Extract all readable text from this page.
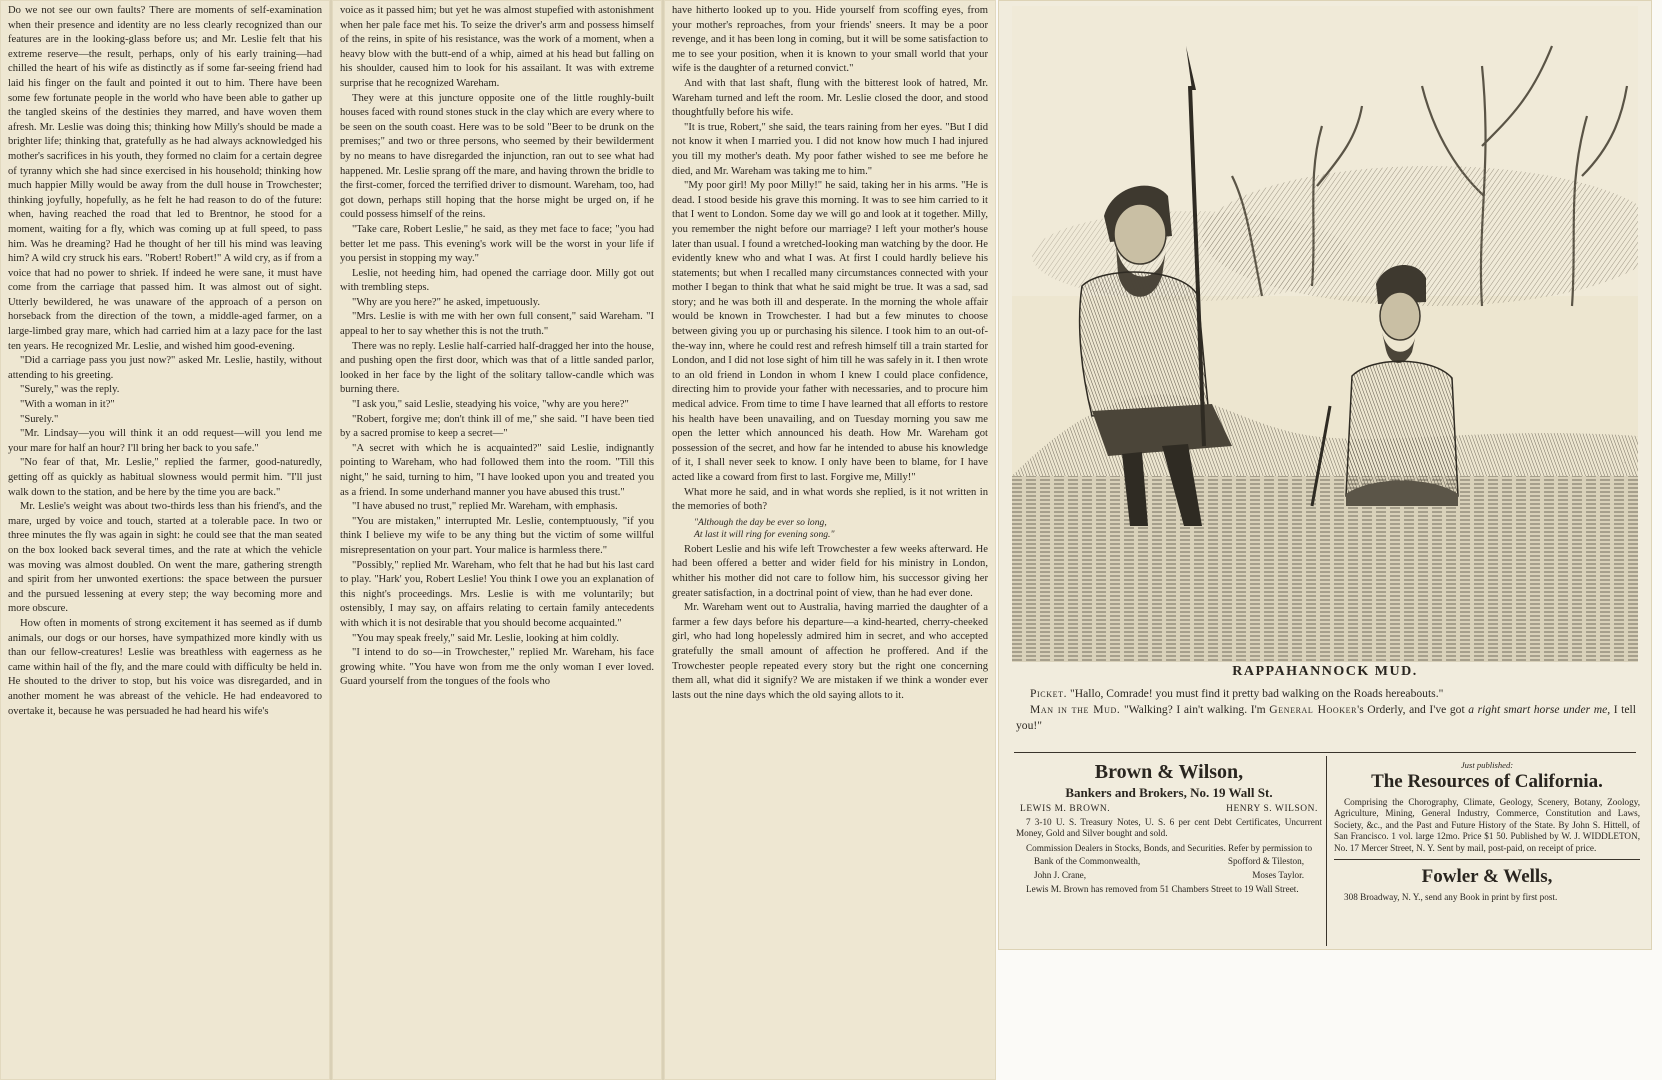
Do we not see our own faults? There are moments of self-examination when their presence and identity are no less clearly recognized than our features are in the looking-glass before us; and Mr. Leslie felt that his extreme reserve—the result, perhaps, only of his early training—had chilled the heart of his wife as distinctly as if some far-seeing friend had laid his finger on the fault and pointed it out to him. There have been some few fortunate people in the world who have been able to gather up the tangled skeins of the destinies they marred, and have woven them afresh. Mr. Leslie was doing this; thinking how Milly's should be made a brighter life; thinking that, gratefully as he had always acknowledged his mother's sacrifices in his youth, they formed no claim for a certain degree of tyranny which she had since exercised in his household; thinking how much happier Milly would be away from the dull house in Trowchester; thinking joyfully, hopefully, as he felt he had reason to do of the future: when, having reached the road that led to Brentnor, he stood for a moment, waiting for a fly, which was coming up at full speed, to pass him. Was he dreaming? Had he thought of her till his mind was leaving him? A wild cry struck his ears. "Robert! Robert!" A wild cry, as if from a voice that had no power to shriek. If indeed he were sane, it must have come from the carriage that passed him. It was almost out of sight. Utterly bewildered, he was unaware of the approach of a person on horseback from the direction of the town, a middle-aged farmer, on a large-limbed gray mare, which had carried him at a lazy pace for the last ten years. He recognized Mr. Leslie, and wished him good-evening.

"Did a carriage pass you just now?" asked Mr. Leslie, hastily, without attending to his greeting.

"Surely," was the reply.

"With a woman in it?"

"Surely."

"Mr. Lindsay—you will think it an odd request—will you lend me your mare for half an hour? I'll bring her back to you safe."

"No fear of that, Mr. Leslie," replied the farmer, good-naturedly, getting off as quickly as habitual slowness would permit him. "I'll just walk down to the station, and be here by the time you are back."

Mr. Leslie's weight was about two-thirds less than his friend's, and the mare, urged by voice and touch, started at a tolerable pace. In two or three minutes the fly was again in sight: he could see that the man seated on the box looked back several times, and the rate at which the vehicle was moving was almost doubled. On went the mare, gathering strength and spirit from her unwonted exertions: the space between the pursuer and the pursued lessening at every step; the way becoming more and more obscure.

How often in moments of strong excitement it has seemed as if dumb animals, our dogs or our horses, have sympathized more kindly with us than our fellow-creatures! Leslie was breathless with eagerness as he came within hail of the fly, and the mare could with difficulty be held in. He shouted to the driver to stop, but his voice was disregarded, and in another moment he was abreast of the vehicle. He had endeavored to overtake it, because he was persuaded he had heard his wife's

voice as it passed him; but yet he was almost stupefied with astonishment when her pale face met his. To seize the driver's arm and possess himself of the reins, in spite of his resistance, was the work of a moment, when a heavy blow with the butt-end of a whip, aimed at his head but falling on his shoulder, caused him to look for his assailant. It was with extreme surprise that he recognized Wareham.

They were at this juncture opposite one of the little roughly-built houses faced with round stones stuck in the clay which are every where to be seen on the south coast. Here was to be sold "Beer to be drunk on the premises;" and two or three persons, who seemed by their bewilderment by no means to have disregarded the injunction, ran out to see what had happened. Mr. Leslie sprang off the mare, and having thrown the bridle to the first-comer, forced the terrified driver to dismount. Wareham, too, had got down, perhaps still hoping that the horse might be urged on, if he could possess himself of the reins.

"Take care, Robert Leslie," he said, as they met face to face; "you had better let me pass. This evening's work will be the worst in your life if you persist in stopping my way."

Leslie, not heeding him, had opened the carriage door. Milly got out with trembling steps.

"Why are you here?" he asked, impetuously.

"Mrs. Leslie is with me with her own full consent," said Wareham. "I appeal to her to say whether this is not the truth."

There was no reply. Leslie half-carried half-dragged her into the house, and pushing open the first door, which was that of a little sanded parlor, looked in her face by the light of the solitary tallow-candle which was burning there.

"I ask you," said Leslie, steadying his voice, "why are you here?"

"Robert, forgive me; don't think ill of me," she said. "I have been tied by a sacred promise to keep a secret—"

"A secret with which he is acquainted?" said Leslie, indignantly pointing to Wareham, who had followed them into the room. "Till this night," he said, turning to him, "I have looked upon you and treated you as a friend. In some underhand manner you have abused this trust."

"I have abused no trust," replied Mr. Wareham, with emphasis.

"You are mistaken," interrupted Mr. Leslie, contemptuously, "if you think I believe my wife to be any thing but the victim of some willful misrepresentation on your part. Your malice is harmless there."

"Possibly," replied Mr. Wareham, who felt that he had but his last card to play. "Hark' you, Robert Leslie! You think I owe you an explanation of this night's proceedings. Mrs. Leslie is with me voluntarily; but ostensibly, I may say, on affairs relating to certain family antecedents with which it is not desirable that you should become acquainted."

"You may speak freely," said Mr. Leslie, looking at him coldly.

"I intend to do so—in Trowchester," replied Mr. Wareham, his face growing white. "You have won from me the only woman I ever loved. Guard yourself from the tongues of the fools who

have hitherto looked up to you. Hide yourself from scoffing eyes, from your mother's reproaches, from your friends' sneers. It may be a poor revenge, and it has been long in coming, but it will be some satisfaction to me to see your position, when it is known to your small world that your wife is the daughter of a returned convict."

And with that last shaft, flung with the bitterest look of hatred, Mr. Wareham turned and left the room. Mr. Leslie closed the door, and stood thoughtfully before his wife.

"It is true, Robert," she said, the tears raining from her eyes. "But I did not know it when I married you. I did not know how much I had injured you till my mother's death. My poor father wished to see me before he died, and Mr. Wareham was taking me to him."

"My poor girl! My poor Milly!" he said, taking her in his arms. "He is dead. I stood beside his grave this morning. It was to see him carried to it that I went to London. Some day we will go and look at it together. Milly, you remember the night before our marriage? I left your mother's house later than usual. I found a wretched-looking man watching by the door. He evidently knew who and what I was. At first I could hardly believe his statements; but when I recalled many circumstances connected with your mother I began to think that what he said might be true. It was a sad, sad story; and he was both ill and desperate. In the morning the whole affair would be known in Trowchester. I had but a few minutes to choose between giving you up or purchasing his silence. I took him to an out-of-the-way inn, where he could rest and refresh himself till a train started for London, and I did not lose sight of him till he was safely in it. I then wrote to an old friend in London in whom I knew I could place confidence, directing him to provide your father with necessaries, and to procure him medical advice. From time to time I have learned that all efforts to restore his health have been unavailing, and on Tuesday morning you saw me open the letter which announced his death. How Mr. Wareham got possession of the secret, and how far he intended to abuse his knowledge of it, I shall never seek to know. I only have been to blame, for I have acted like a coward from first to last. Forgive me, Milly!"

What more he said, and in what words she replied, is it not written in the memories of both?

"Although the day be ever so long,
At last it will ring for evening song."

Robert Leslie and his wife left Trowchester a few weeks afterward. He had been offered a better and wider field for his ministry in London, whither his mother did not care to follow him, his successor giving her greater satisfaction, in a doctrinal point of view, than he had ever done.

Mr. Wareham went out to Australia, having married the daughter of a farmer a few days before his departure—a kind-hearted, cherry-cheeked girl, who had long hopelessly admired him in secret, and who accepted gratefully the small amount of affection he proffered. And if the Trowchester people repeated every story but the right one concerning them all, what did it signify? We are mistaken if we think a wonder ever lasts out the nine days which the old saying allots to it.

RAPPAHANNOCK MUD.

Picket. "Hallo, Comrade! you must find it pretty bad walking on the Roads hereabouts."

Man in the Mud. "Walking? I ain't walking. I'm General Hooker's Orderly, and I've got a right smart horse under me, I tell you!"

Brown & Wilson,
Bankers and Brokers, No. 19 Wall St.
LEWIS M. BROWN.	HENRY S. WILSON.
7 3-10 U. S. Treasury Notes, U. S. 6 per cent Debt Certificates, Uncurrent Money, Gold and Silver bought and sold.
Commission Dealers in Stocks, Bonds, and Securities. Refer by permission to
Bank of the Commonwealth,	Spofford & Tileston,
John J. Crane,	Moses Taylor.
Lewis M. Brown has removed from 51 Chambers Street to 19 Wall Street.
Just published:
The Resources of California.
Comprising the Chorography, Climate, Geology, Scenery, Botany, Zoology, Agriculture, Mining, General Industry, Commerce, Constitution and Laws, Society, &c., and the Past and Future History of the State. By John S. Hittell, of San Francisco. 1 vol. large 12mo. Price $1 50. Published by W. J. WIDDLETON, No. 17 Mercer Street, N. Y. Sent by mail, post-paid, on receipt of price.
Fowler & Wells,
308 Broadway, N. Y., send any Book in print by first post.
